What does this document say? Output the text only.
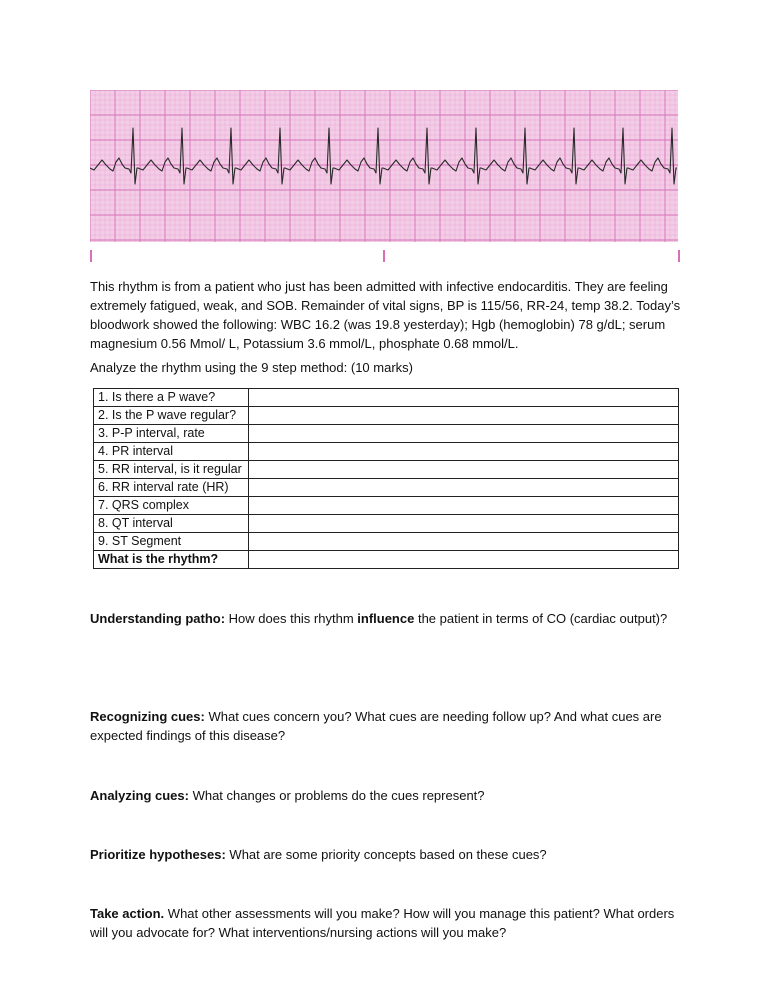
This rhythm is from a patient who just has been admitted with infective endocarditis. They are feeling extremely fatigued, weak, and SOB. Remainder of vital signs, BP is 115/56, RR-24, temp 38.2. Today’s bloodwork showed the following: WBC 16.2 (was 19.8 yesterday); Hgb (hemoglobin) 78 g/dL; serum magnesium 0.56 Mmol/ L, Potassium 3.6 mmol/L, phosphate 0.68 mmol/L.

Analyze the rhythm using the 9 step method: (10 marks)

1. Is there a P wave?	
2. Is the P wave regular?	
3. P-P interval, rate	
4. PR interval	
5. RR interval, is it regular	
6. RR interval rate (HR)	
7. QRS complex	
8. QT interval	
9. ST Segment	
What is the rhythm?	

Understanding patho: How does this rhythm influence the patient in terms of CO (cardiac output)?

Recognizing cues: What cues concern you? What cues are needing follow up? And what cues are expected findings of this disease?

Analyzing cues: What changes or problems do the cues represent?

Prioritize hypotheses: What are some priority concepts based on these cues?

Take action. What other assessments will you make? How will you manage this patient? What orders will you advocate for? What interventions/nursing actions will you make?
